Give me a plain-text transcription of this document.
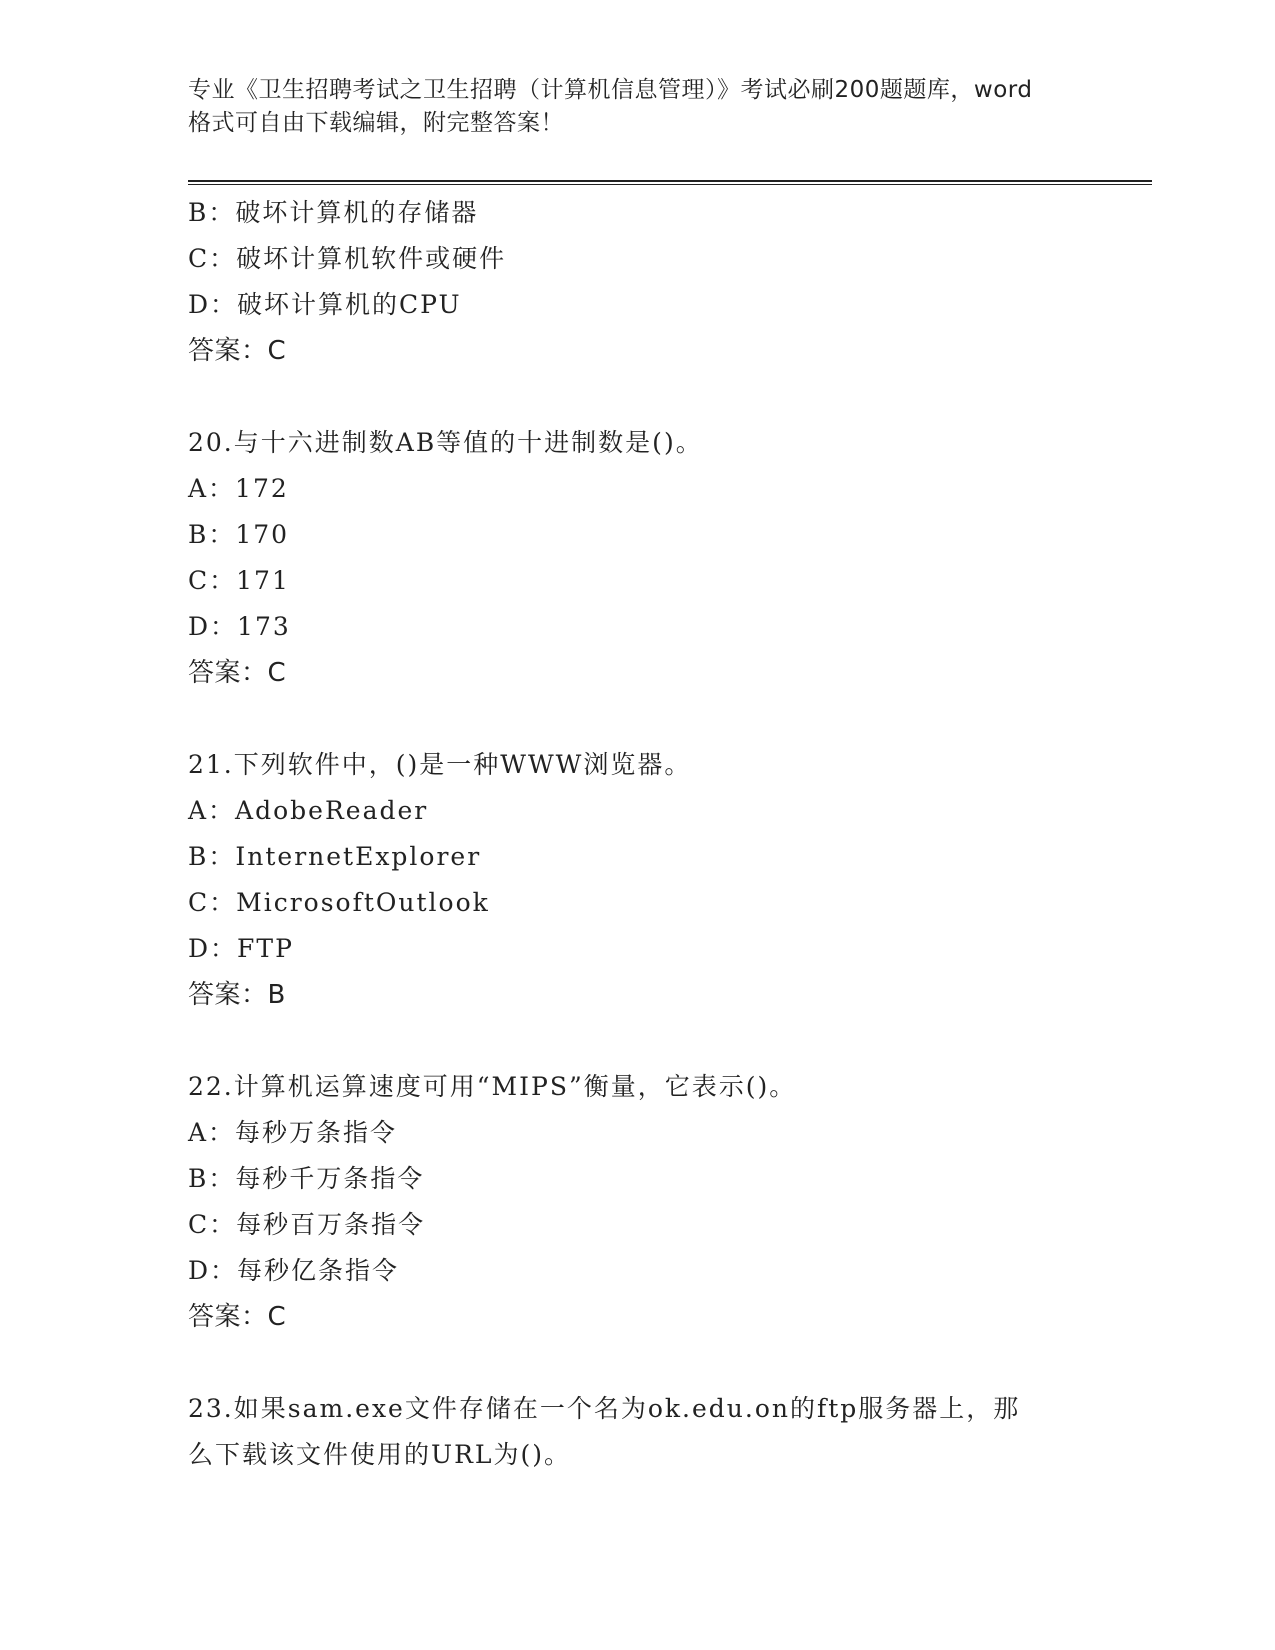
专业《卫生招聘考试之卫生招聘（计算机信息管理）》考试必刷200题题库，word
格式可自由下载编辑，附完整答案！
B：破坏计算机的存储器
C：破坏计算机软件或硬件
D：破坏计算机的CPU
答案：C
20.与十六进制数AB等值的十进制数是()。
A：172
B：170
C：171
D：173
答案：C
21.下列软件中，()是一种WWW浏览器。
A：AdobeReader
B：InternetExplorer
C：MicrosoftOutlook
D：FTP
答案：B
22.计算机运算速度可用“MIPS”衡量，它表示()。
A：每秒万条指令
B：每秒千万条指令
C：每秒百万条指令
D：每秒亿条指令
答案：C
23.如果sam.exe文件存储在一个名为ok.edu.on的ftp服务器上，那
么下载该文件使用的URL为()。
